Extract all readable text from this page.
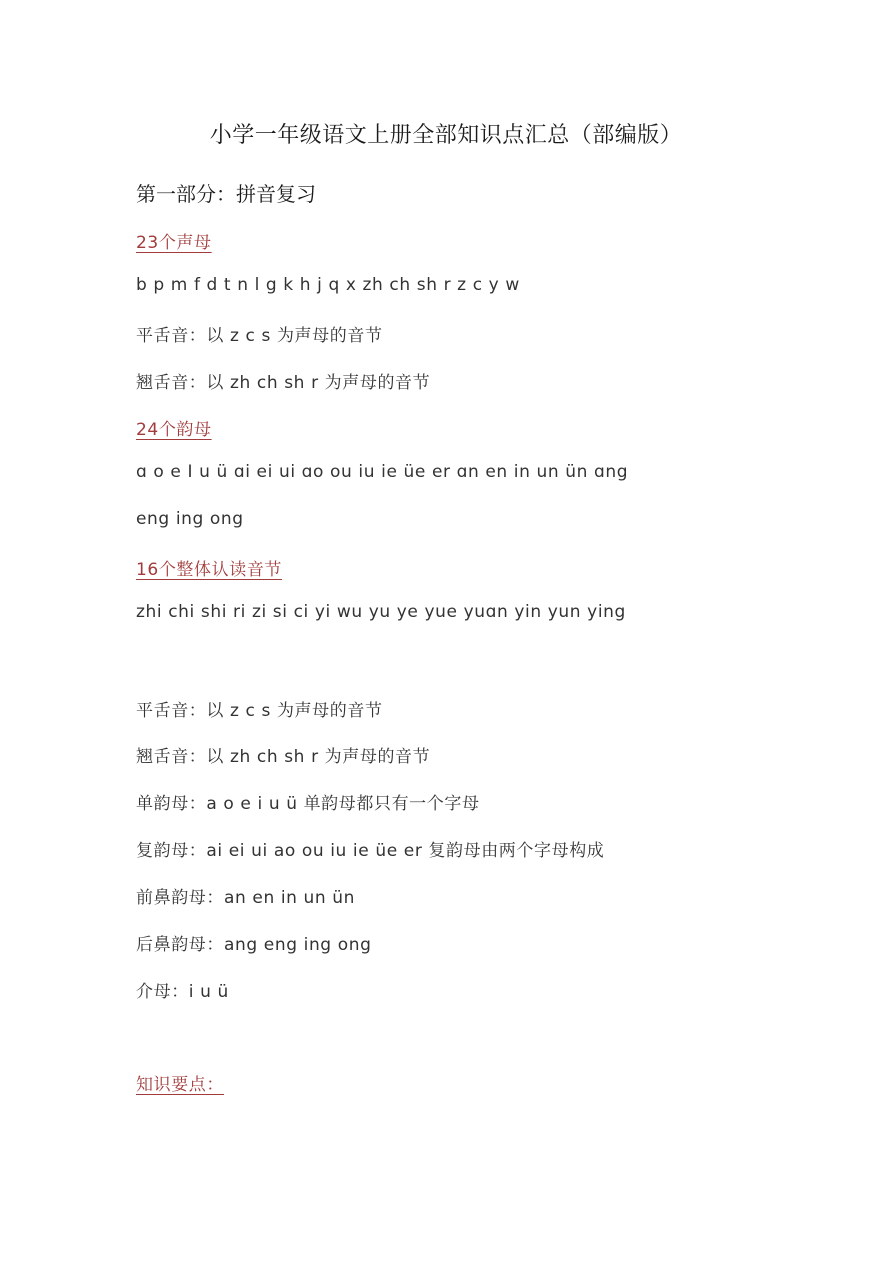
小学一年级语文上册全部知识点汇总（部编版）
第一部分：拼音复习
23个声母
b p m f d t n l g k h j q x zh ch sh r z c y w
平舌音：以 z c s 为声母的音节
翘舌音：以 zh ch sh r 为声母的音节
24个韵母
ɑ o e I u ü ɑi ei ui ɑo ou iu ie üe er ɑn en in un ün ɑng
eng ing ong
16个整体认读音节
zhi chi shi ri zi si ci yi wu yu ye yue yuɑn yin yun ying
平舌音：以 z c s 为声母的音节
翘舌音：以 zh ch sh r 为声母的音节
单韵母：a o e i u ü 单韵母都只有一个字母
复韵母：ai ei ui ao ou iu ie üe er 复韵母由两个字母构成
前鼻韵母：an en in un ün
后鼻韵母：ang eng ing ong
介母：i u ü
知识要点：
